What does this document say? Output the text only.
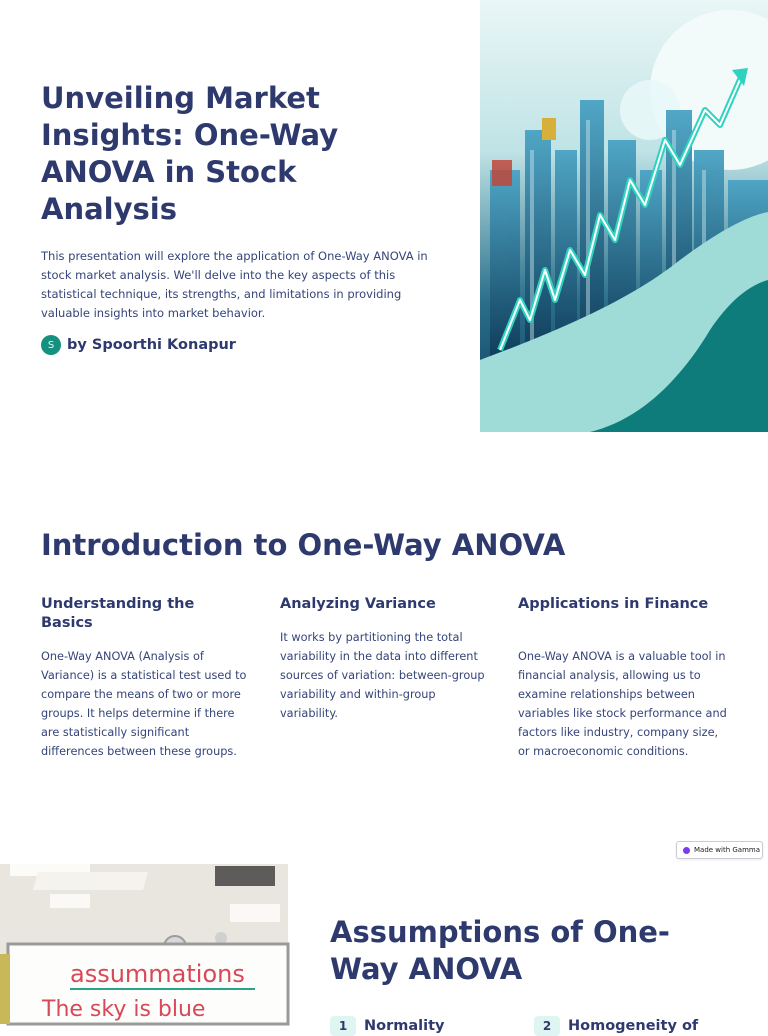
Unveiling Market Insights: One-Way ANOVA in Stock Analysis

This presentation will explore the application of One-Way ANOVA in stock market analysis. We'll delve into the key aspects of this statistical technique, its strengths, and limitations in providing valuable insights into market behavior.

S by Spoorthi Konapur
Introduction to One-Way ANOVA
Understanding the Basics

One-Way ANOVA (Analysis of Variance) is a statistical test used to compare the means of two or more groups. It helps determine if there are statistically significant differences between these groups.

Analyzing Variance

It works by partitioning the total variability in the data into different sources of variation: between-group variability and within-group variability.

Applications in Finance

One-Way ANOVA is a valuable tool in financial analysis, allowing us to examine relationships between variables like stock performance and factors like industry, company size, or macroeconomic conditions.

Made with Gamma
assummations
The sky is blue
Assumptions of One-Way ANOVA
1	Normality	2	Homogeneity of
